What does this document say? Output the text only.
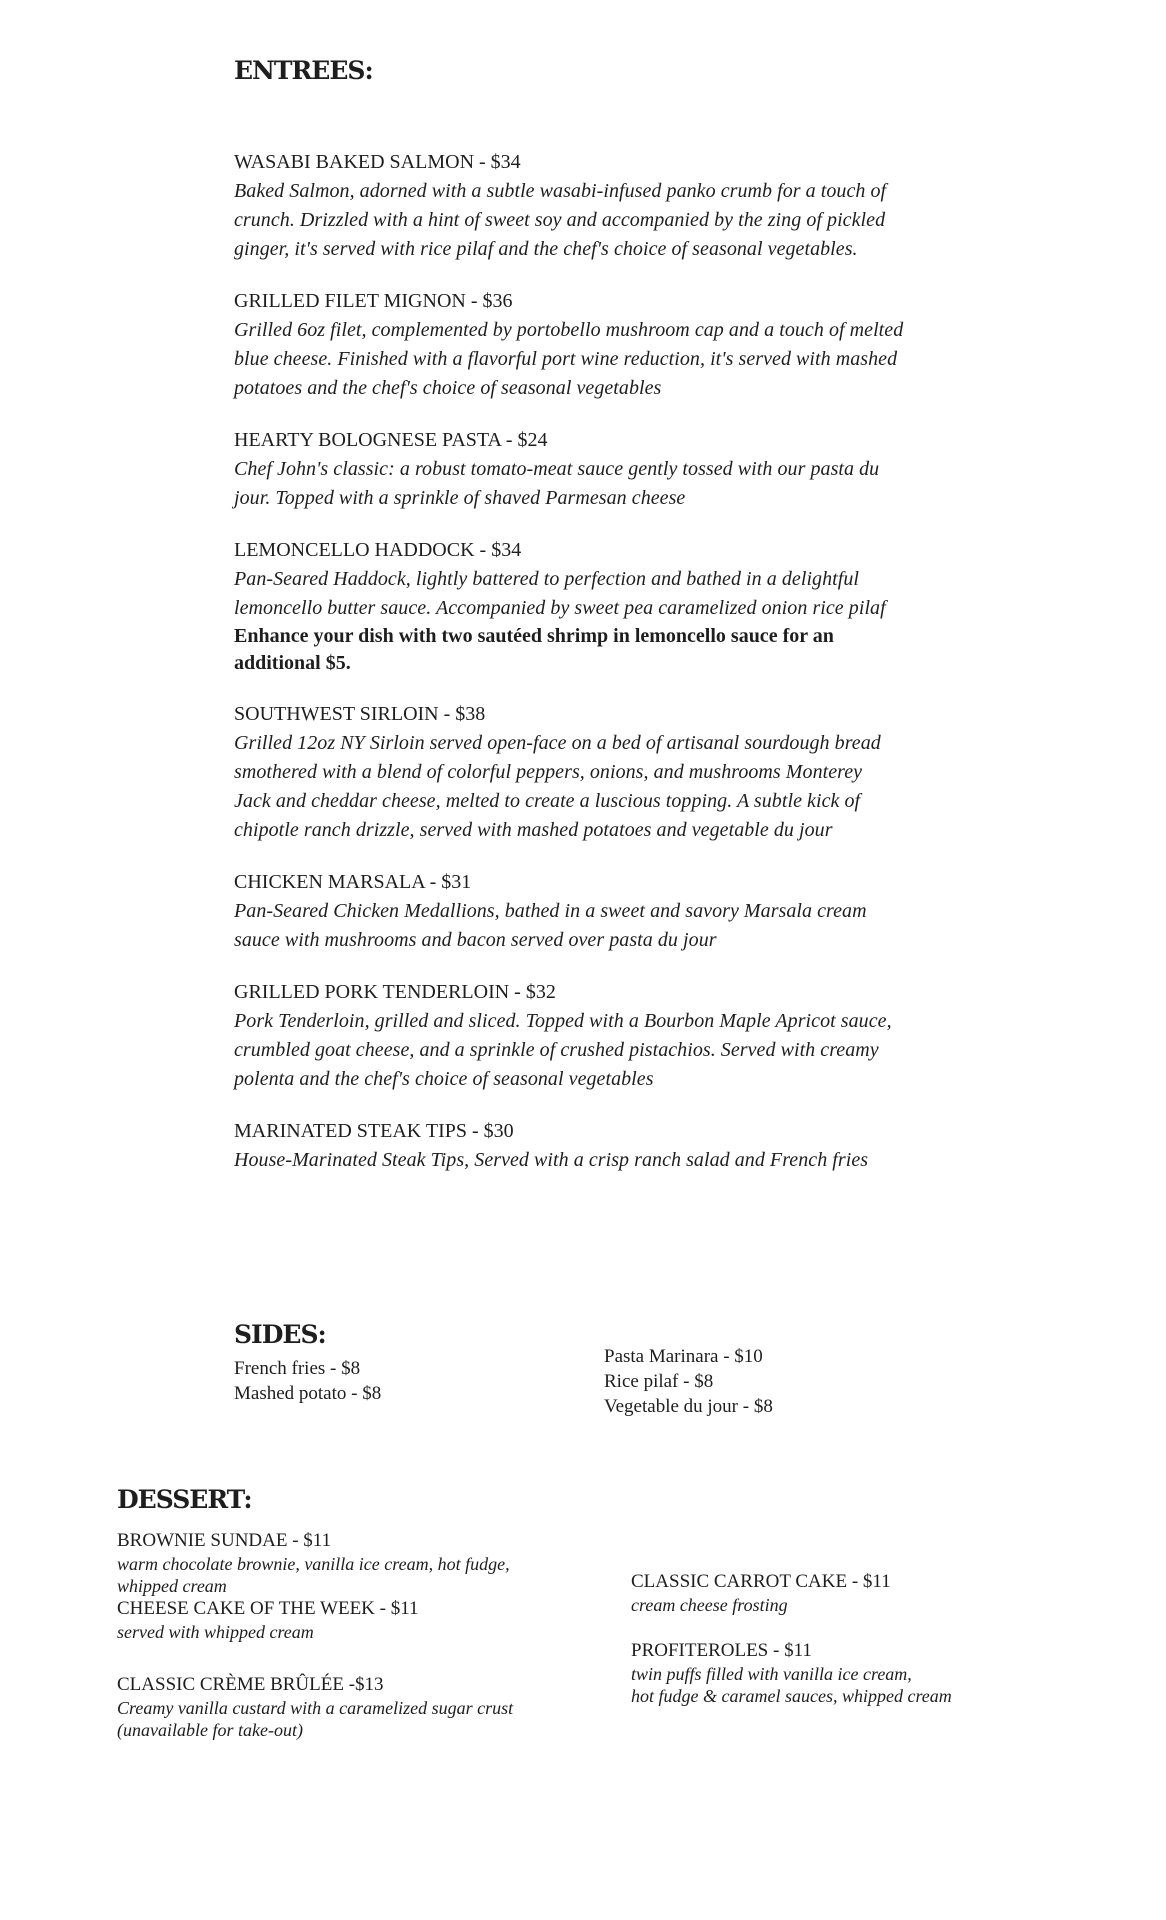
ENTREES:
WASABI BAKED SALMON - $34
Baked Salmon, adorned with a subtle wasabi-infused panko crumb for a touch of
crunch. Drizzled with a hint of sweet soy and accompanied by the zing of pickled
ginger, it's served with rice pilaf and the chef's choice of seasonal vegetables.
GRILLED FILET MIGNON - $36
Grilled 6oz filet, complemented by portobello mushroom cap and a touch of melted
blue cheese. Finished with a flavorful port wine reduction, it's served with mashed
potatoes and the chef's choice of seasonal vegetables
HEARTY BOLOGNESE PASTA - $24
Chef John's classic: a robust tomato-meat sauce gently tossed with our pasta du
jour. Topped with a sprinkle of shaved Parmesan cheese
LEMONCELLO HADDOCK - $34
Pan-Seared Haddock, lightly battered to perfection and bathed in a delightful
lemoncello butter sauce. Accompanied by sweet pea caramelized onion rice pilaf
Enhance your dish with two sautéed shrimp in lemoncello sauce for an
additional $5.
SOUTHWEST SIRLOIN - $38
Grilled 12oz NY Sirloin served open-face on a bed of artisanal sourdough bread
smothered with a blend of colorful peppers, onions, and mushrooms Monterey
Jack and cheddar cheese, melted to create a luscious topping. A subtle kick of
chipotle ranch drizzle, served with mashed potatoes and vegetable du jour
CHICKEN MARSALA - $31
Pan-Seared Chicken Medallions, bathed in a sweet and savory Marsala cream
sauce with mushrooms and bacon served over pasta du jour
GRILLED PORK TENDERLOIN - $32
Pork Tenderloin, grilled and sliced. Topped with a Bourbon Maple Apricot sauce,
crumbled goat cheese, and a sprinkle of crushed pistachios. Served with creamy
polenta and the chef's choice of seasonal vegetables
MARINATED STEAK TIPS - $30
House-Marinated Steak Tips, Served with a crisp ranch salad and French fries
SIDES:
French fries - $8
Mashed potato - $8
Pasta Marinara - $10
Rice pilaf - $8
Vegetable du jour - $8
DESSERT:
BROWNIE SUNDAE - $11
warm chocolate brownie, vanilla ice cream, hot fudge,
whipped cream
CHEESE CAKE OF THE WEEK - $11
served with whipped cream
CLASSIC CRÈME BRÛLÉE -$13
Creamy vanilla custard with a caramelized sugar crust
(unavailable for take-out)
CLASSIC CARROT CAKE - $11
cream cheese frosting
PROFITEROLES - $11
twin puffs filled with vanilla ice cream,
hot fudge & caramel sauces, whipped cream
